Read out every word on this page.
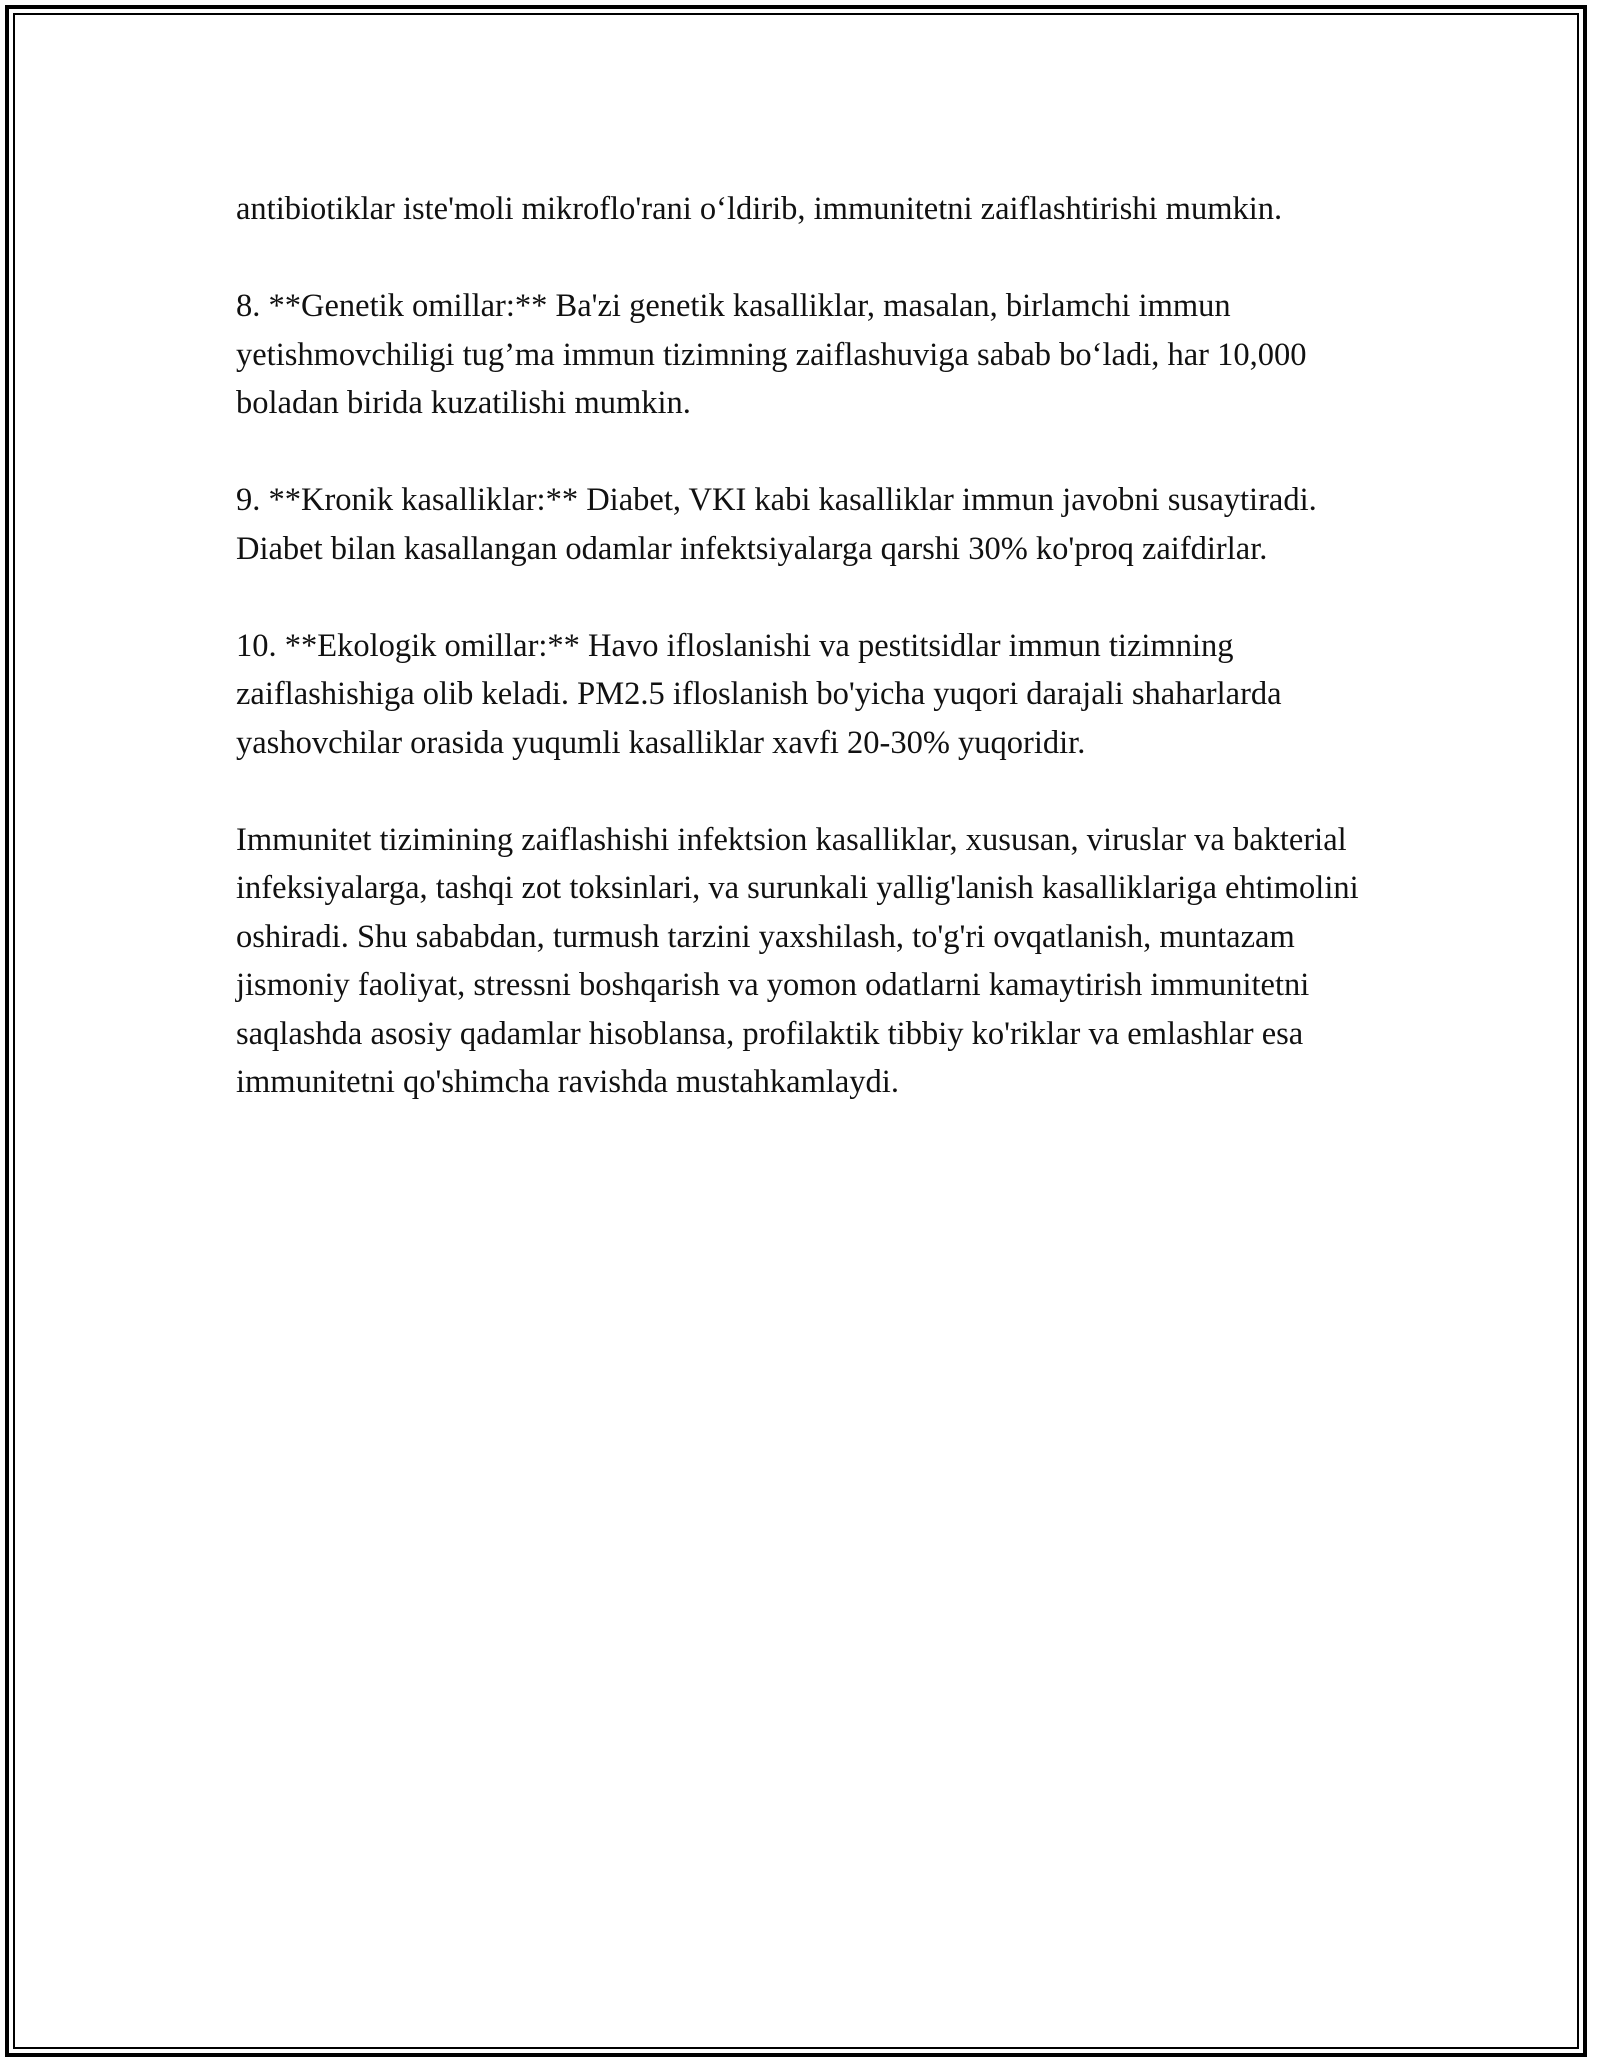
antibiotiklar iste'moli mikroflo'rani o‘ldirib, immunitetni zaiflashtirishi mumkin.

8. **Genetik omillar:** Ba'zi genetik kasalliklar, masalan, birlamchi immun yetishmovchiligi tug’ma immun tizimning zaiflashuviga sabab bo‘ladi, har 10,000 boladan birida kuzatilishi mumkin.

9. **Kronik kasalliklar:** Diabet, VKI kabi kasalliklar immun javobni susaytiradi. Diabet bilan kasallangan odamlar infektsiyalarga qarshi 30% ko'proq zaifdirlar.

10. **Ekologik omillar:** Havo ifloslanishi va pestitsidlar immun tizimning zaiflashishiga olib keladi. PM2.5 ifloslanish bo'yicha yuqori darajali shaharlarda yashovchilar orasida yuqumli kasalliklar xavfi 20-30% yuqoridir.

Immunitet tizimining zaiflashishi infektsion kasalliklar, xususan, viruslar va bakterial infeksiyalarga, tashqi zot toksinlari, va surunkali yallig'lanish kasalliklariga ehtimolini oshiradi. Shu sababdan, turmush tarzini yaxshilash, to'g'ri ovqatlanish, muntazam jismoniy faoliyat, stressni boshqarish va yomon odatlarni kamaytirish immunitetni saqlashda asosiy qadamlar hisoblansa, profilaktik tibbiy ko'riklar va emlashlar esa immunitetni qo'shimcha ravishda mustahkamlaydi.
